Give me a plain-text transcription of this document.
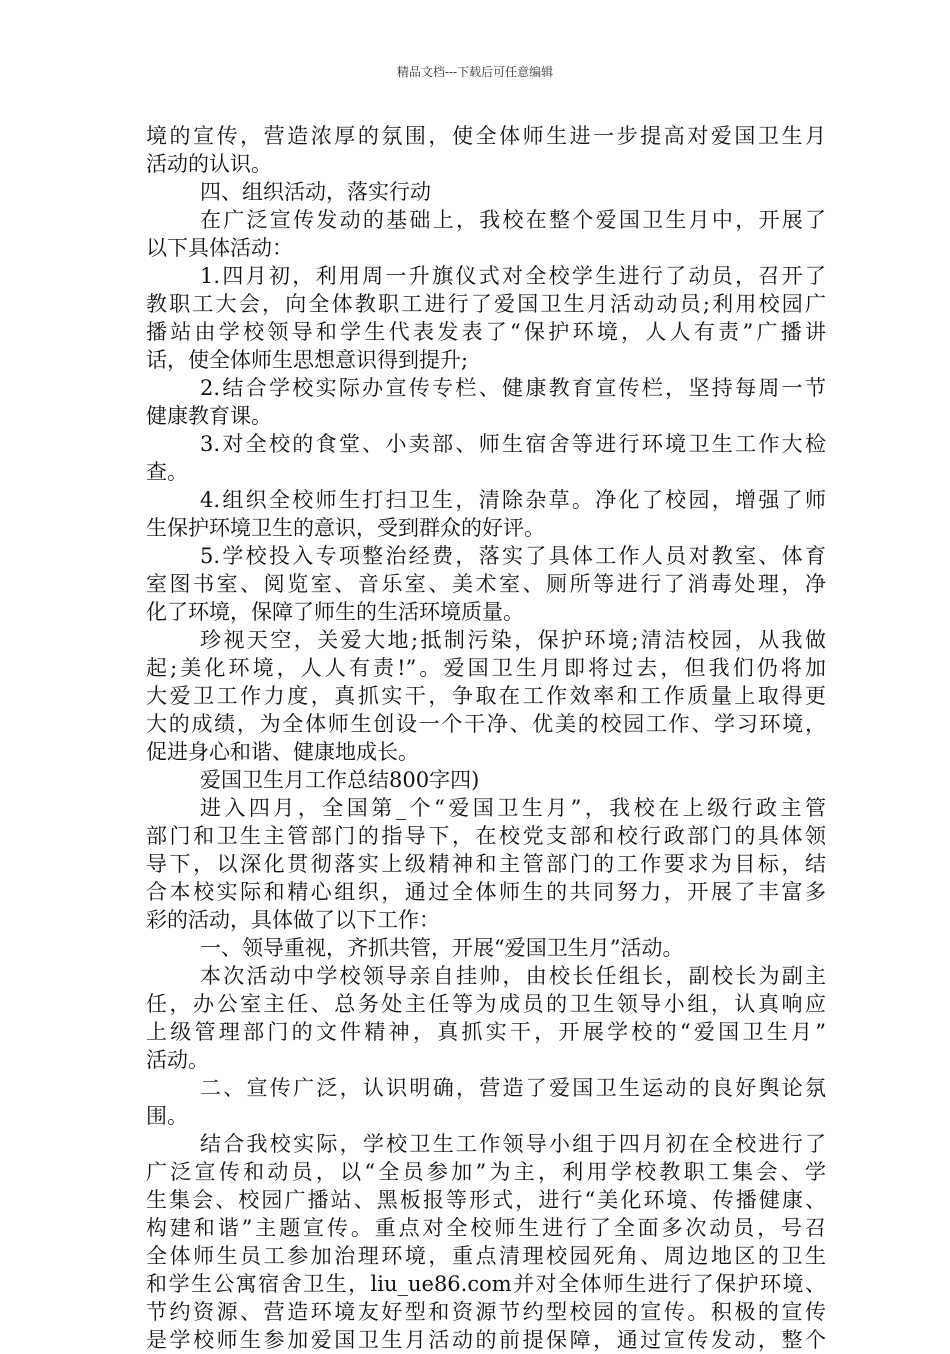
精品文档---下载后可任意编辑
境的宣传，营造浓厚的氛围，使全体师生进一步提高对爱国卫生月
活动的认识。
四、组织活动，落实行动
在广泛宣传发动的基础上，我校在整个爱国卫生月中，开展了
以下具体活动：
1.四月初，利用周一升旗仪式对全校学生进行了动员，召开了
教职工大会，向全体教职工进行了爱国卫生月活动动员;利用校园广
播站由学校领导和学生代表发表了“保护环境，人人有责”广播讲
话，使全体师生思想意识得到提升;
2.结合学校实际办宣传专栏、健康教育宣传栏，坚持每周一节
健康教育课。
3.对全校的食堂、小卖部、师生宿舍等进行环境卫生工作大检
查。
4.组织全校师生打扫卫生，清除杂草。净化了校园，增强了师
生保护环境卫生的意识，受到群众的好评。
5.学校投入专项整治经费，落实了具体工作人员对教室、体育
室图书室、阅览室、音乐室、美术室、厕所等进行了消毒处理，净
化了环境，保障了师生的生活环境质量。
珍视天空，关爱大地;抵制污染，保护环境;清洁校园，从我做
起;美化环境，人人有责!”。爱国卫生月即将过去，但我们仍将加
大爱卫工作力度，真抓实干，争取在工作效率和工作质量上取得更
大的成绩，为全体师生创设一个干净、优美的校园工作、学习环境，
促进身心和谐、健康地成长。
爱国卫生月工作总结800字四)
进入四月，全国第_个“爱国卫生月”，我校在上级行政主管
部门和卫生主管部门的指导下，在校党支部和校行政部门的具体领
导下，以深化贯彻落实上级精神和主管部门的工作要求为目标，结
合本校实际和精心组织，通过全体师生的共同努力，开展了丰富多
彩的活动，具体做了以下工作：
一、领导重视，齐抓共管，开展“爱国卫生月”活动。
本次活动中学校领导亲自挂帅，由校长任组长，副校长为副主
任，办公室主任、总务处主任等为成员的卫生领导小组，认真响应
上级管理部门的文件精神，真抓实干，开展学校的“爱国卫生月”
活动。
二、宣传广泛，认识明确，营造了爱国卫生运动的良好舆论氛
围。
结合我校实际，学校卫生工作领导小组于四月初在全校进行了
广泛宣传和动员，以“全员参加”为主，利用学校教职工集会、学
生集会、校园广播站、黑板报等形式，进行“美化环境、传播健康、
构建和谐”主题宣传。重点对全校师生进行了全面多次动员，号召
全体师生员工参加治理环境，重点清理校园死角、周边地区的卫生
和学生公寓宿舍卫生，liu_ue86.com并对全体师生进行了保护环境、
节约资源、营造环境友好型和资源节约型校园的宣传。积极的宣传
是学校师生参加爱国卫生月活动的前提保障，通过宣传发动，整个
